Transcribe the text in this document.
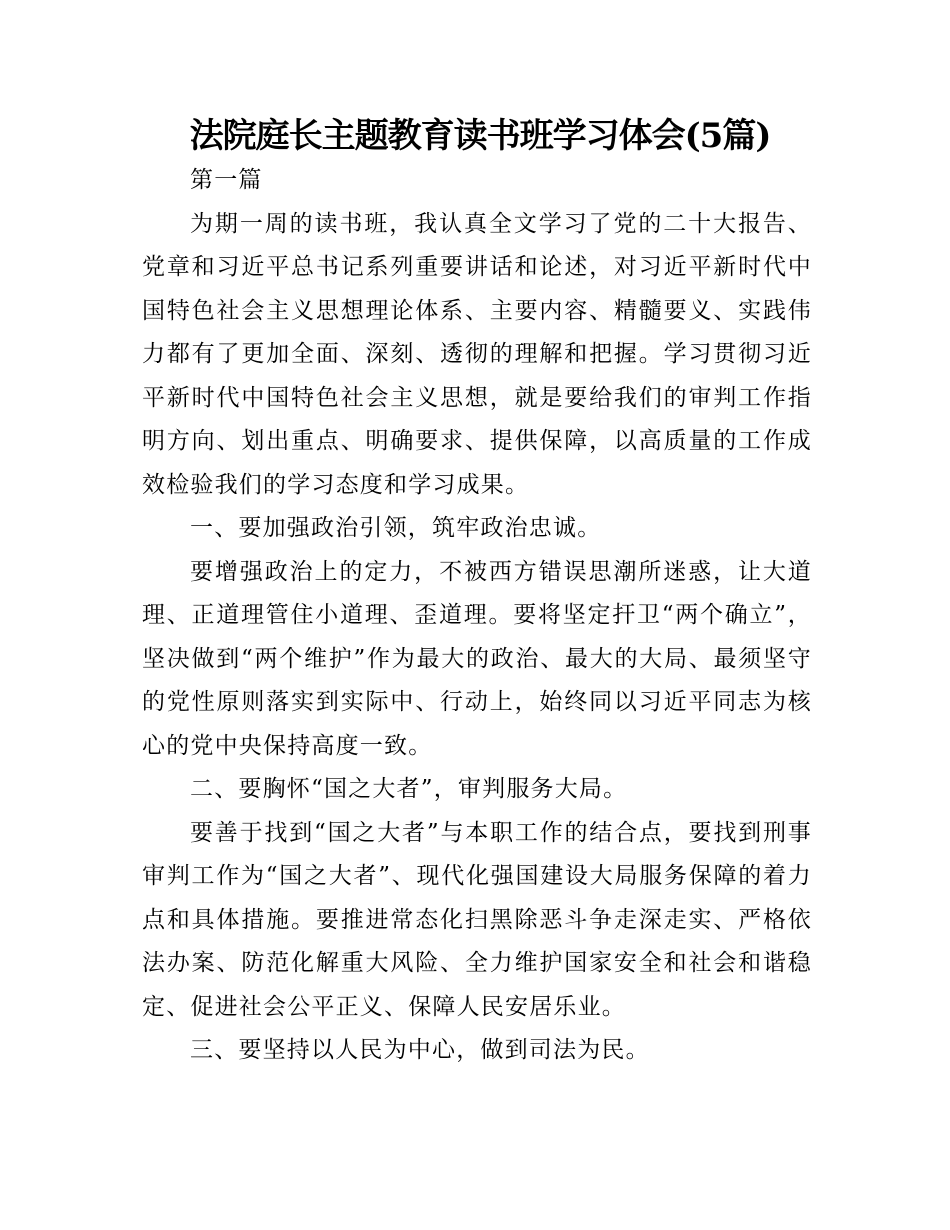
法院庭长主题教育读书班学习体会(5篇)

第一篇

为期一周的读书班，我认真全文学习了党的二十大报告、党章和习近平总书记系列重要讲话和论述，对习近平新时代中国特色社会主义思想理论体系、主要内容、精髓要义、实践伟力都有了更加全面、深刻、透彻的理解和把握。学习贯彻习近平新时代中国特色社会主义思想，就是要给我们的审判工作指明方向、划出重点、明确要求、提供保障，以高质量的工作成效检验我们的学习态度和学习成果。

一、要加强政治引领，筑牢政治忠诚。

要增强政治上的定力，不被西方错误思潮所迷惑，让大道理、正道理管住小道理、歪道理。要将坚定扞卫“两个确立”，坚决做到“两个维护”作为最大的政治、最大的大局、最须坚守的党性原则落实到实际中、行动上，始终同以习近平同志为核心的党中央保持高度一致。

二、要胸怀“国之大者”，审判服务大局。

要善于找到“国之大者”与本职工作的结合点，要找到刑事审判工作为“国之大者”、现代化强国建设大局服务保障的着力点和具体措施。要推进常态化扫黑除恶斗争走深走实、严格依法办案、防范化解重大风险、全力维护国家安全和社会和谐稳定、促进社会公平正义、保障人民安居乐业。

三、要坚持以人民为中心，做到司法为民。
